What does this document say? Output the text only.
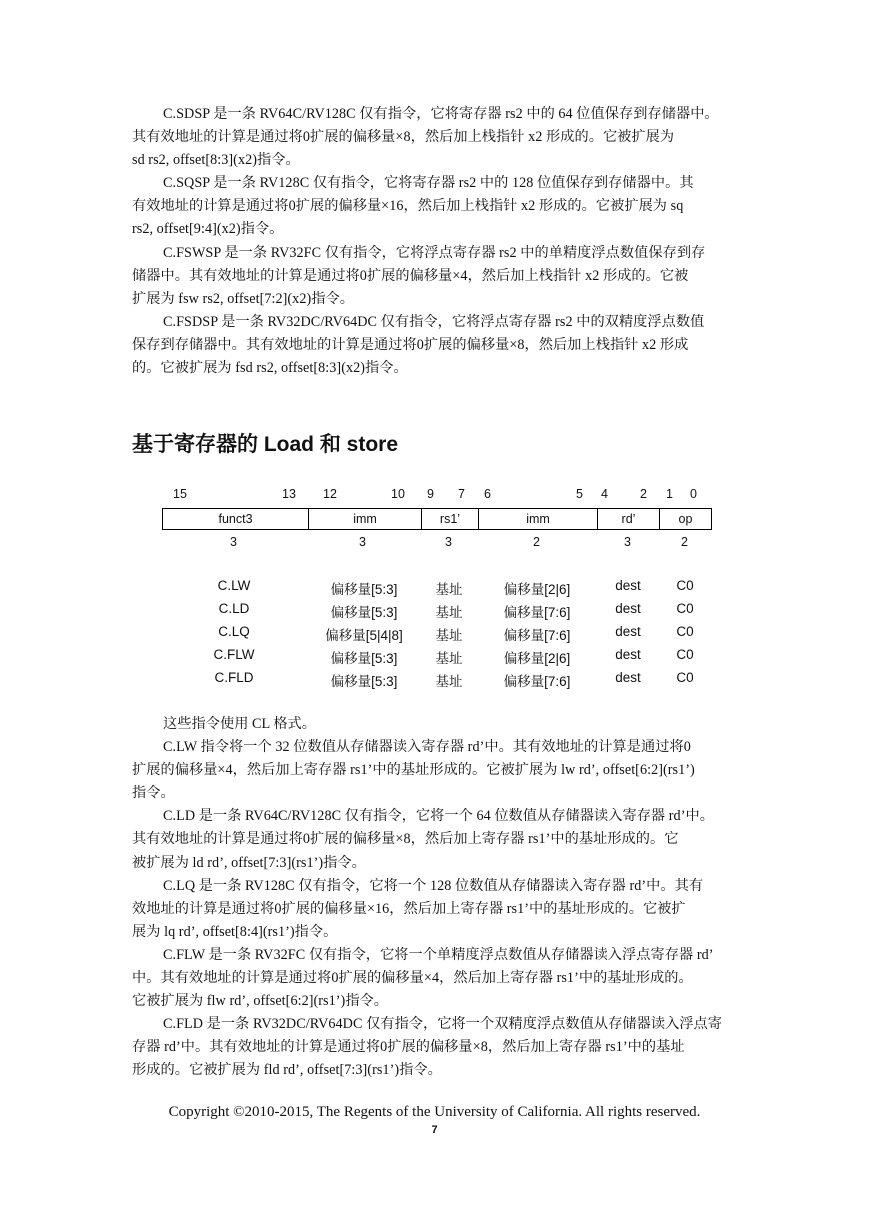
C.SDSP 是一条 RV64C/RV128C 仅有指令，它将寄存器 rs2 中的 64 位值保存到存储器中。
其有效地址的计算是通过将0扩展的偏移量×8，然后加上栈指针 x2 形成的。它被扩展为
sd rs2, offset[8:3](x2)指令。
C.SQSP 是一条 RV128C 仅有指令，它将寄存器 rs2 中的 128 位值保存到存储器中。其
有效地址的计算是通过将0扩展的偏移量×16，然后加上栈指针 x2 形成的。它被扩展为 sq
rs2, offset[9:4](x2)指令。
C.FSWSP 是一条 RV32FC 仅有指令，它将浮点寄存器 rs2 中的单精度浮点数值保存到存
储器中。其有效地址的计算是通过将0扩展的偏移量×4，然后加上栈指针 x2 形成的。它被
扩展为 fsw rs2, offset[7:2](x2)指令。
C.FSDSP 是一条 RV32DC/RV64DC 仅有指令，它将浮点寄存器 rs2 中的双精度浮点数值
保存到存储器中。其有效地址的计算是通过将0扩展的偏移量×8，然后加上栈指针 x2 形成
的。它被扩展为 fsd rs2, offset[8:3](x2)指令。
基于寄存器的 Load 和 store
15	13 12	10 9 7 6	5 4	2 1 0
funct3	imm	rs1’	imm	rd’	op
3	3	3	2	3	2
C.LW	偏移量[5:3]	基址	偏移量[2|6]	dest	C0
C.LD	偏移量[5:3]	基址	偏移量[7:6]	dest	C0
C.LQ	偏移量[5|4|8] 基址	偏移量[7:6]	dest	C0
C.FLW	偏移量[5:3]	基址	偏移量[2|6]	dest	C0
C.FLD	偏移量[5:3]	基址	偏移量[7:6]	dest	C0
这些指令使用 CL 格式。
C.LW 指令将一个 32 位数值从存储器读入寄存器 rd’中。其有效地址的计算是通过将0
扩展的偏移量×4，然后加上寄存器 rs1’中的基址形成的。它被扩展为 lw rd’, offset[6:2](rs1’)
指令。
C.LD 是一条 RV64C/RV128C 仅有指令，它将一个 64 位数值从存储器读入寄存器 rd’中。
其有效地址的计算是通过将0扩展的偏移量×8，然后加上寄存器 rs1’中的基址形成的。它
被扩展为 ld rd’, offset[7:3](rs1’)指令。
C.LQ 是一条 RV128C 仅有指令，它将一个 128 位数值从存储器读入寄存器 rd’中。其有
效地址的计算是通过将0扩展的偏移量×16，然后加上寄存器 rs1’中的基址形成的。它被扩
展为 lq rd’, offset[8:4](rs1’)指令。
C.FLW 是一条 RV32FC 仅有指令，它将一个单精度浮点数值从存储器读入浮点寄存器 rd’
中。其有效地址的计算是通过将0扩展的偏移量×4，然后加上寄存器 rs1’中的基址形成的。
它被扩展为 flw rd’, offset[6:2](rs1’)指令。
C.FLD 是一条 RV32DC/RV64DC 仅有指令，它将一个双精度浮点数值从存储器读入浮点寄
存器 rd’中。其有效地址的计算是通过将0扩展的偏移量×8，然后加上寄存器 rs1’中的基址
形成的。它被扩展为 fld rd’, offset[7:3](rs1’)指令。
Copyright ©2010-2015, The Regents of the University of California. All rights reserved.
7
